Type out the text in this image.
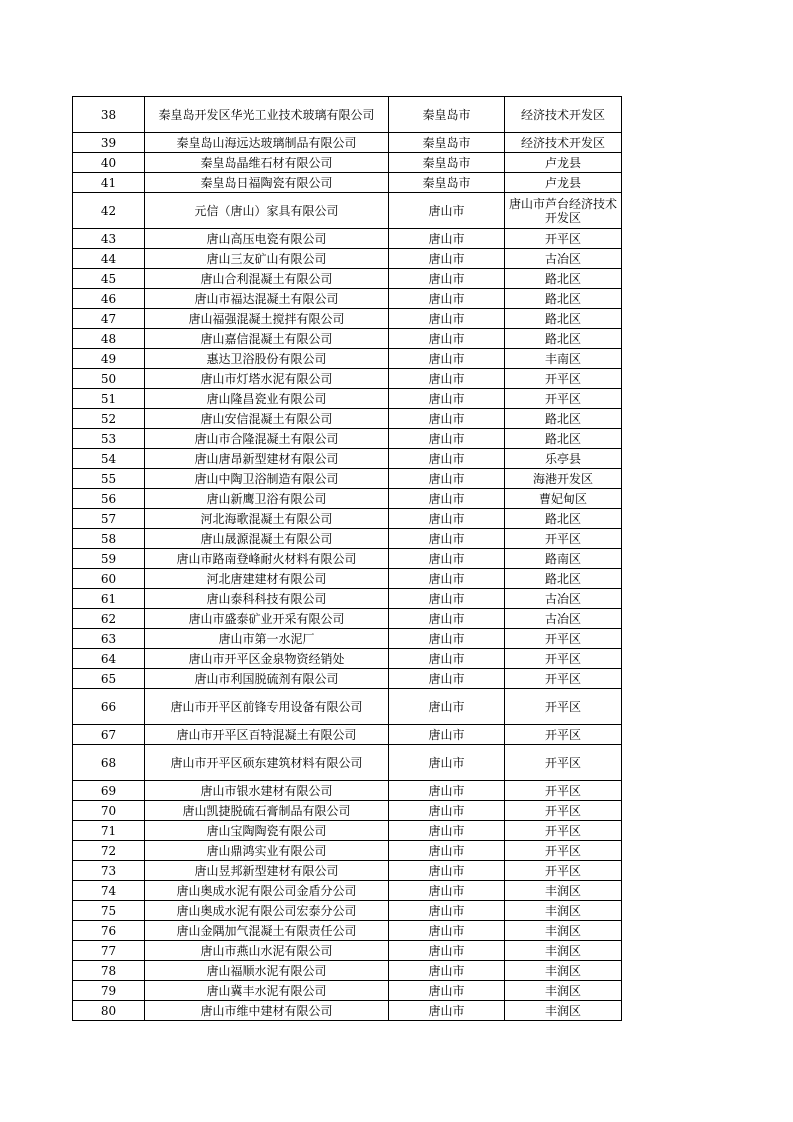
38	秦皇岛开发区华光工业技术玻璃有限公司	秦皇岛市	经济技术开发区
39	秦皇岛山海远达玻璃制品有限公司	秦皇岛市	经济技术开发区
40	秦皇岛晶维石材有限公司	秦皇岛市	卢龙县
41	秦皇岛日福陶瓷有限公司	秦皇岛市	卢龙县
42	元信（唐山）家具有限公司	唐山市	唐山市芦台经济技术开发区
43	唐山高压电瓷有限公司	唐山市	开平区
44	唐山三友矿山有限公司	唐山市	古冶区
45	唐山合利混凝土有限公司	唐山市	路北区
46	唐山市福达混凝土有限公司	唐山市	路北区
47	唐山福强混凝土搅拌有限公司	唐山市	路北区
48	唐山嘉信混凝土有限公司	唐山市	路北区
49	惠达卫浴股份有限公司	唐山市	丰南区
50	唐山市灯塔水泥有限公司	唐山市	开平区
51	唐山隆昌瓷业有限公司	唐山市	开平区
52	唐山安信混凝土有限公司	唐山市	路北区
53	唐山市合隆混凝土有限公司	唐山市	路北区
54	唐山唐昂新型建材有限公司	唐山市	乐亭县
55	唐山中陶卫浴制造有限公司	唐山市	海港开发区
56	唐山新鹰卫浴有限公司	唐山市	曹妃甸区
57	河北海歌混凝土有限公司	唐山市	路北区
58	唐山晟源混凝土有限公司	唐山市	开平区
59	唐山市路南登峰耐火材料有限公司	唐山市	路南区
60	河北唐建建材有限公司	唐山市	路北区
61	唐山泰科科技有限公司	唐山市	古冶区
62	唐山市盛泰矿业开采有限公司	唐山市	古冶区
63	唐山市第一水泥厂	唐山市	开平区
64	唐山市开平区金泉物资经销处	唐山市	开平区
65	唐山市利国脱硫剂有限公司	唐山市	开平区
66	唐山市开平区前锋专用设备有限公司	唐山市	开平区
67	唐山市开平区百特混凝土有限公司	唐山市	开平区
68	唐山市开平区硕东建筑材料有限公司	唐山市	开平区
69	唐山市银水建材有限公司	唐山市	开平区
70	唐山凯捷脱硫石膏制品有限公司	唐山市	开平区
71	唐山宝陶陶瓷有限公司	唐山市	开平区
72	唐山鼎鸿实业有限公司	唐山市	开平区
73	唐山昱邦新型建材有限公司	唐山市	开平区
74	唐山奥成水泥有限公司金盾分公司	唐山市	丰润区
75	唐山奥成水泥有限公司宏泰分公司	唐山市	丰润区
76	唐山金隅加气混凝土有限责任公司	唐山市	丰润区
77	唐山市燕山水泥有限公司	唐山市	丰润区
78	唐山福顺水泥有限公司	唐山市	丰润区
79	唐山冀丰水泥有限公司	唐山市	丰润区
80	唐山市维中建材有限公司	唐山市	丰润区
